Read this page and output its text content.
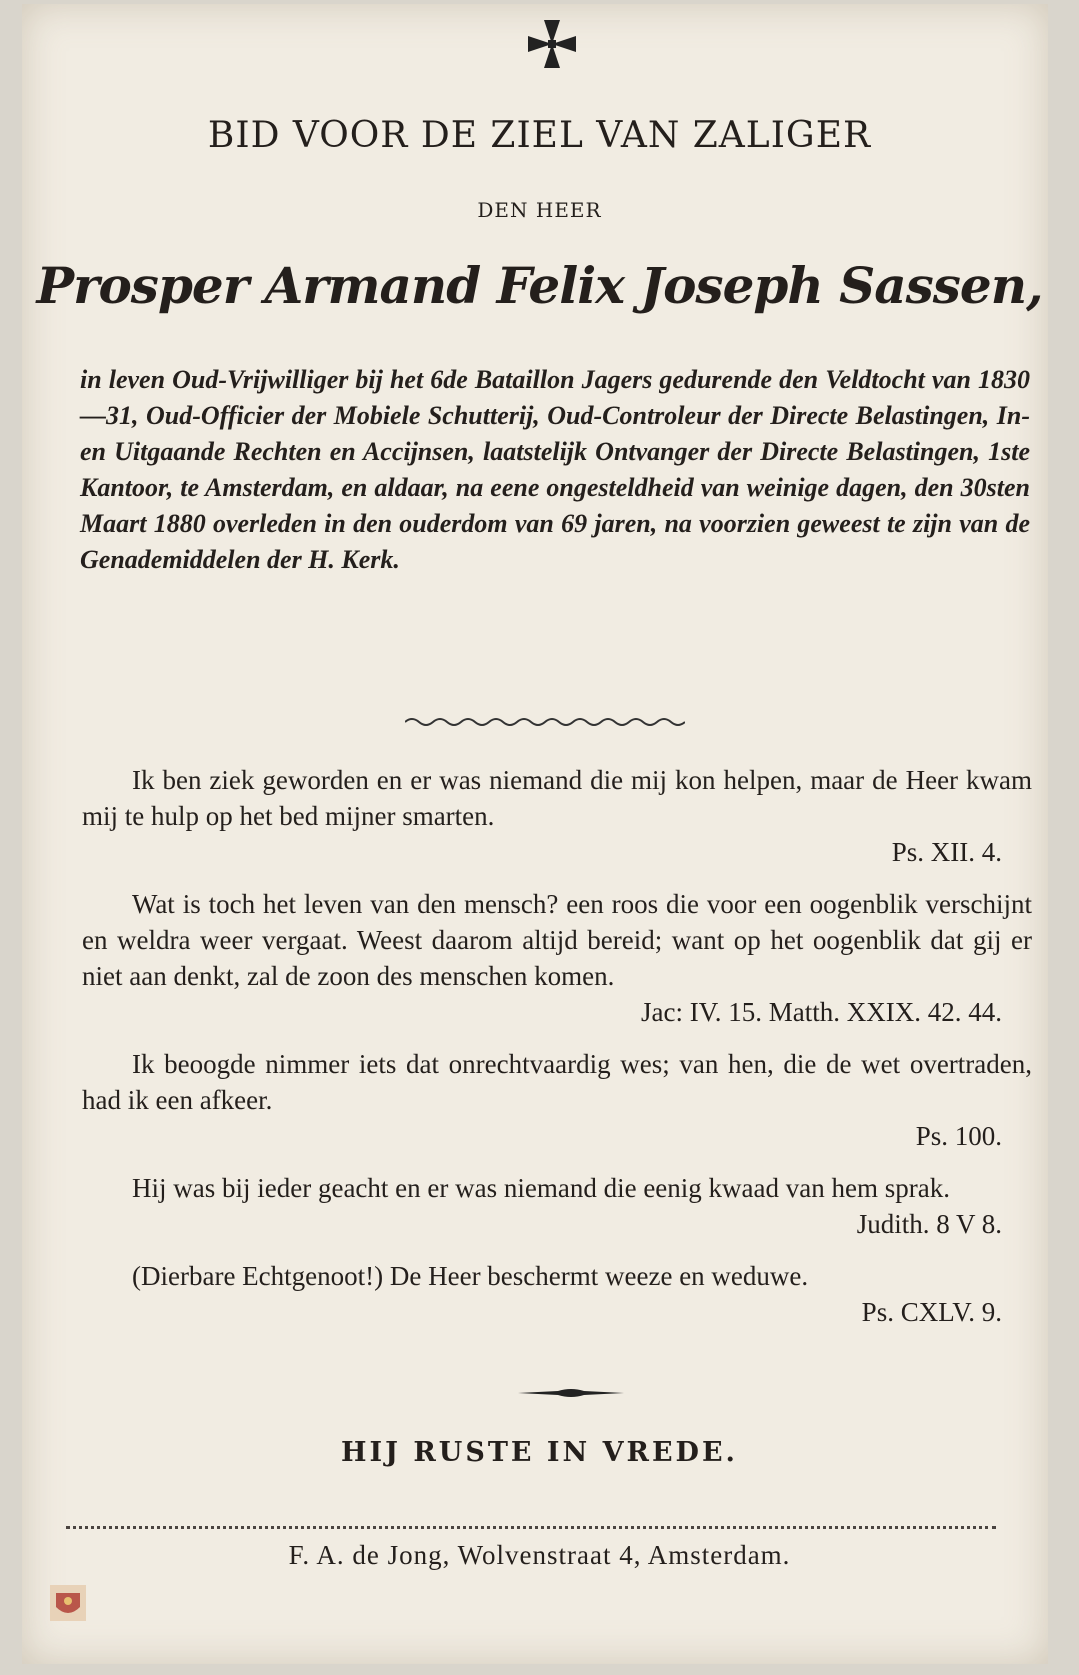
BID VOOR DE ZIEL VAN ZALIGER
DEN HEER
Prosper Armand Felix Joseph Sassen,

in leven Oud-Vrijwilliger bij het 6de Bataillon Jagers gedurende den Veldtocht van 1830—31, Oud-Officier der Mobiele Schutterij, Oud-Controleur der Directe Belastingen, In- en Uitgaande Rechten en Accijnsen, laatstelijk Ontvanger der Directe Belastingen, 1ste Kantoor, te Amsterdam, en aldaar, na eene ongesteldheid van weinige dagen, den 30sten Maart 1880 overleden in den ouderdom van 69 jaren, na voorzien geweest te zijn van de Genademiddelen der H. Kerk.

Ik ben ziek geworden en er was niemand die mij kon helpen, maar de Heer kwam mij te hulp op het bed mijner smarten.
Ps. XII. 4.
Wat is toch het leven van den mensch? een roos die voor een oogenblik verschijnt en weldra weer vergaat. Weest daarom altijd bereid; want op het oogenblik dat gij er niet aan denkt, zal de zoon des menschen komen.
Jac: IV. 15. Matth. XXIX. 42. 44.
Ik beoogde nimmer iets dat onrechtvaardig wes; van hen, die de wet overtraden, had ik een afkeer.
Ps. 100.
Hij was bij ieder geacht en er was niemand die eenig kwaad van hem sprak.
Judith. 8 V 8.
(Dierbare Echtgenoot!) De Heer beschermt weeze en weduwe.
Ps. CXLV. 9.
HIJ RUSTE IN VREDE.
F. A. de Jong, Wolvenstraat 4, Amsterdam.
